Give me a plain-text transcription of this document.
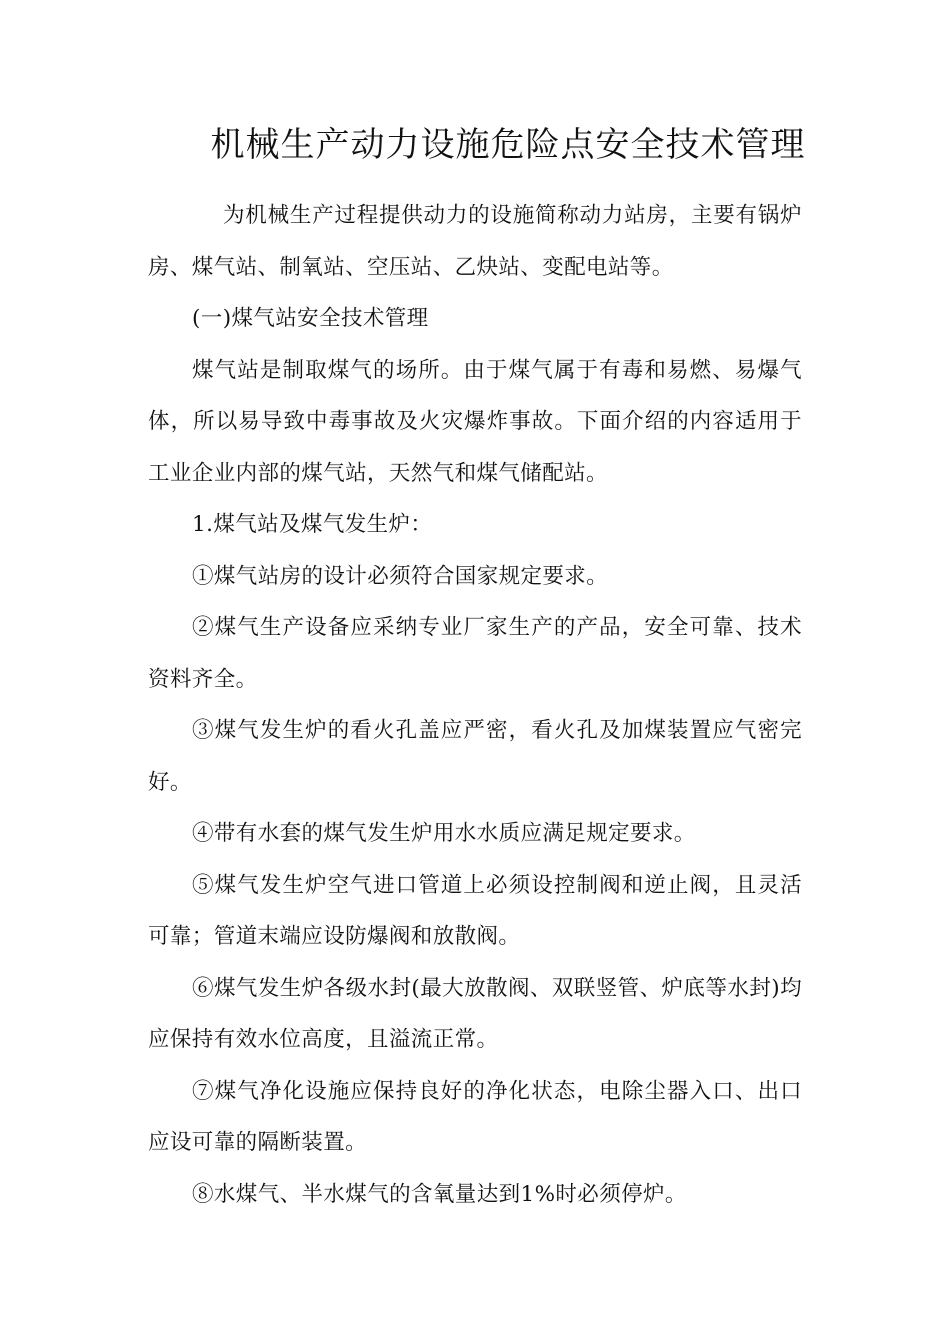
机械生产动力设施危险点安全技术管理

为机械生产过程提供动力的设施简称动力站房，主要有锅炉房、煤气站、制氧站、空压站、乙炔站、变配电站等。

(一)煤气站安全技术管理

煤气站是制取煤气的场所。由于煤气属于有毒和易燃、易爆气体，所以易导致中毒事故及火灾爆炸事故。下面介绍的内容适用于工业企业内部的煤气站，天然气和煤气储配站。

1.煤气站及煤气发生炉：

①煤气站房的设计必须符合国家规定要求。

②煤气生产设备应采纳专业厂家生产的产品，安全可靠、技术资料齐全。

③煤气发生炉的看火孔盖应严密，看火孔及加煤装置应气密完好。

④带有水套的煤气发生炉用水水质应满足规定要求。

⑤煤气发生炉空气进口管道上必须设控制阀和逆止阀，且灵活可靠；管道末端应设防爆阀和放散阀。

⑥煤气发生炉各级水封(最大放散阀、双联竖管、炉底等水封)均应保持有效水位高度，且溢流正常。

⑦煤气净化设施应保持良好的净化状态，电除尘器入口、出口应设可靠的隔断装置。

⑧水煤气、半水煤气的含氧量达到1%时必须停炉。
